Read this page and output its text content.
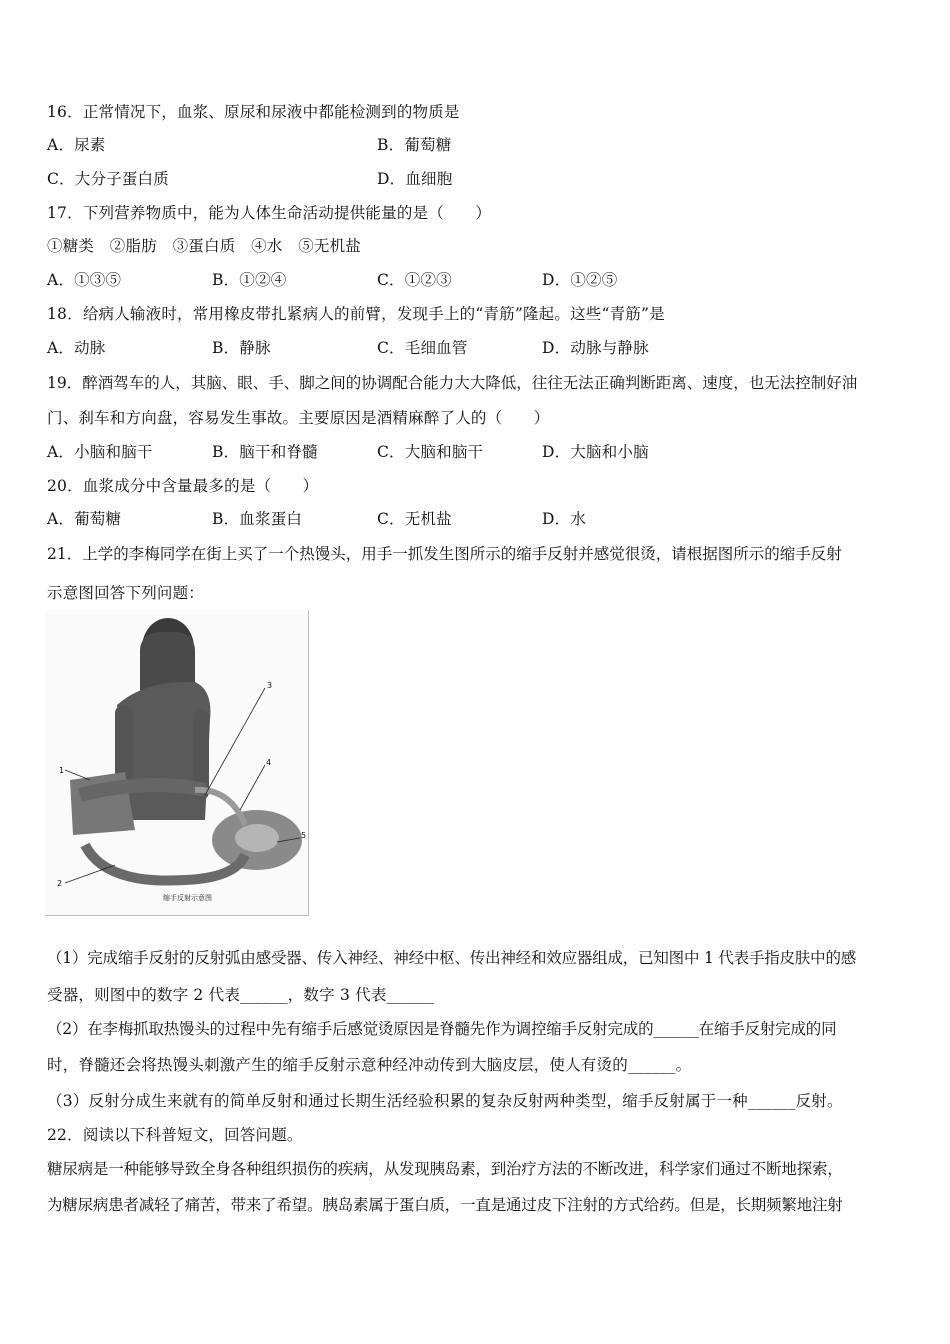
16．正常情况下，血浆、原尿和尿液中都能检测到的物质是
A．尿素	B．葡萄糖
C．大分子蛋白质	D．血细胞
17．下列营养物质中，能为人体生命活动提供能量的是（　　）
①糖类　②脂肪　③蛋白质　④水　⑤无机盐
A．①③⑤	B．①②④	C．①②③	D．①②⑤
18．给病人输液时，常用橡皮带扎紧病人的前臂，发现手上的“青筋”隆起。这些“青筋”是
A．动脉	B．静脉	C．毛细血管	D．动脉与静脉
19．醉酒驾车的人，其脑、眼、手、脚之间的协调配合能力大大降低，往往无法正确判断距离、速度，也无法控制好油
门、刹车和方向盘，容易发生事故。主要原因是酒精麻醉了人的（　　）
A．小脑和脑干	B．脑干和脊髓	C．大脑和脑干	D．大脑和小脑
20．血浆成分中含量最多的是（　　）
A．葡萄糖	B．血浆蛋白	C．无机盐	D．水
21．上学的李梅同学在街上买了一个热馒头，用手一抓发生图所示的缩手反射并感觉很烫，请根据图所示的缩手反射
示意图回答下列问题：
1
2
3
4
5
缩手反射示意图
（1）完成缩手反射的反射弧由感受器、传入神经、神经中枢、传出神经和效应器组成，已知图中 1 代表手指皮肤中的感
受器，则图中的数字 2 代表______，数字 3 代表______
（2）在李梅抓取热馒头的过程中先有缩手后感觉烫原因是脊髓先作为调控缩手反射完成的______在缩手反射完成的同
时，脊髓还会将热馒头刺激产生的缩手反射示意种经冲动传到大脑皮层，使人有烫的______。
（3）反射分成生来就有的简单反射和通过长期生活经验积累的复杂反射两种类型，缩手反射属于一种______反射。
22．阅读以下科普短文，回答问题。
糖尿病是一种能够导致全身各种组织损伤的疾病，从发现胰岛素，到治疗方法的不断改进，科学家们通过不断地探索，
为糖尿病患者减轻了痛苦，带来了希望。胰岛素属于蛋白质，一直是通过皮下注射的方式给药。但是，长期频繁地注射
